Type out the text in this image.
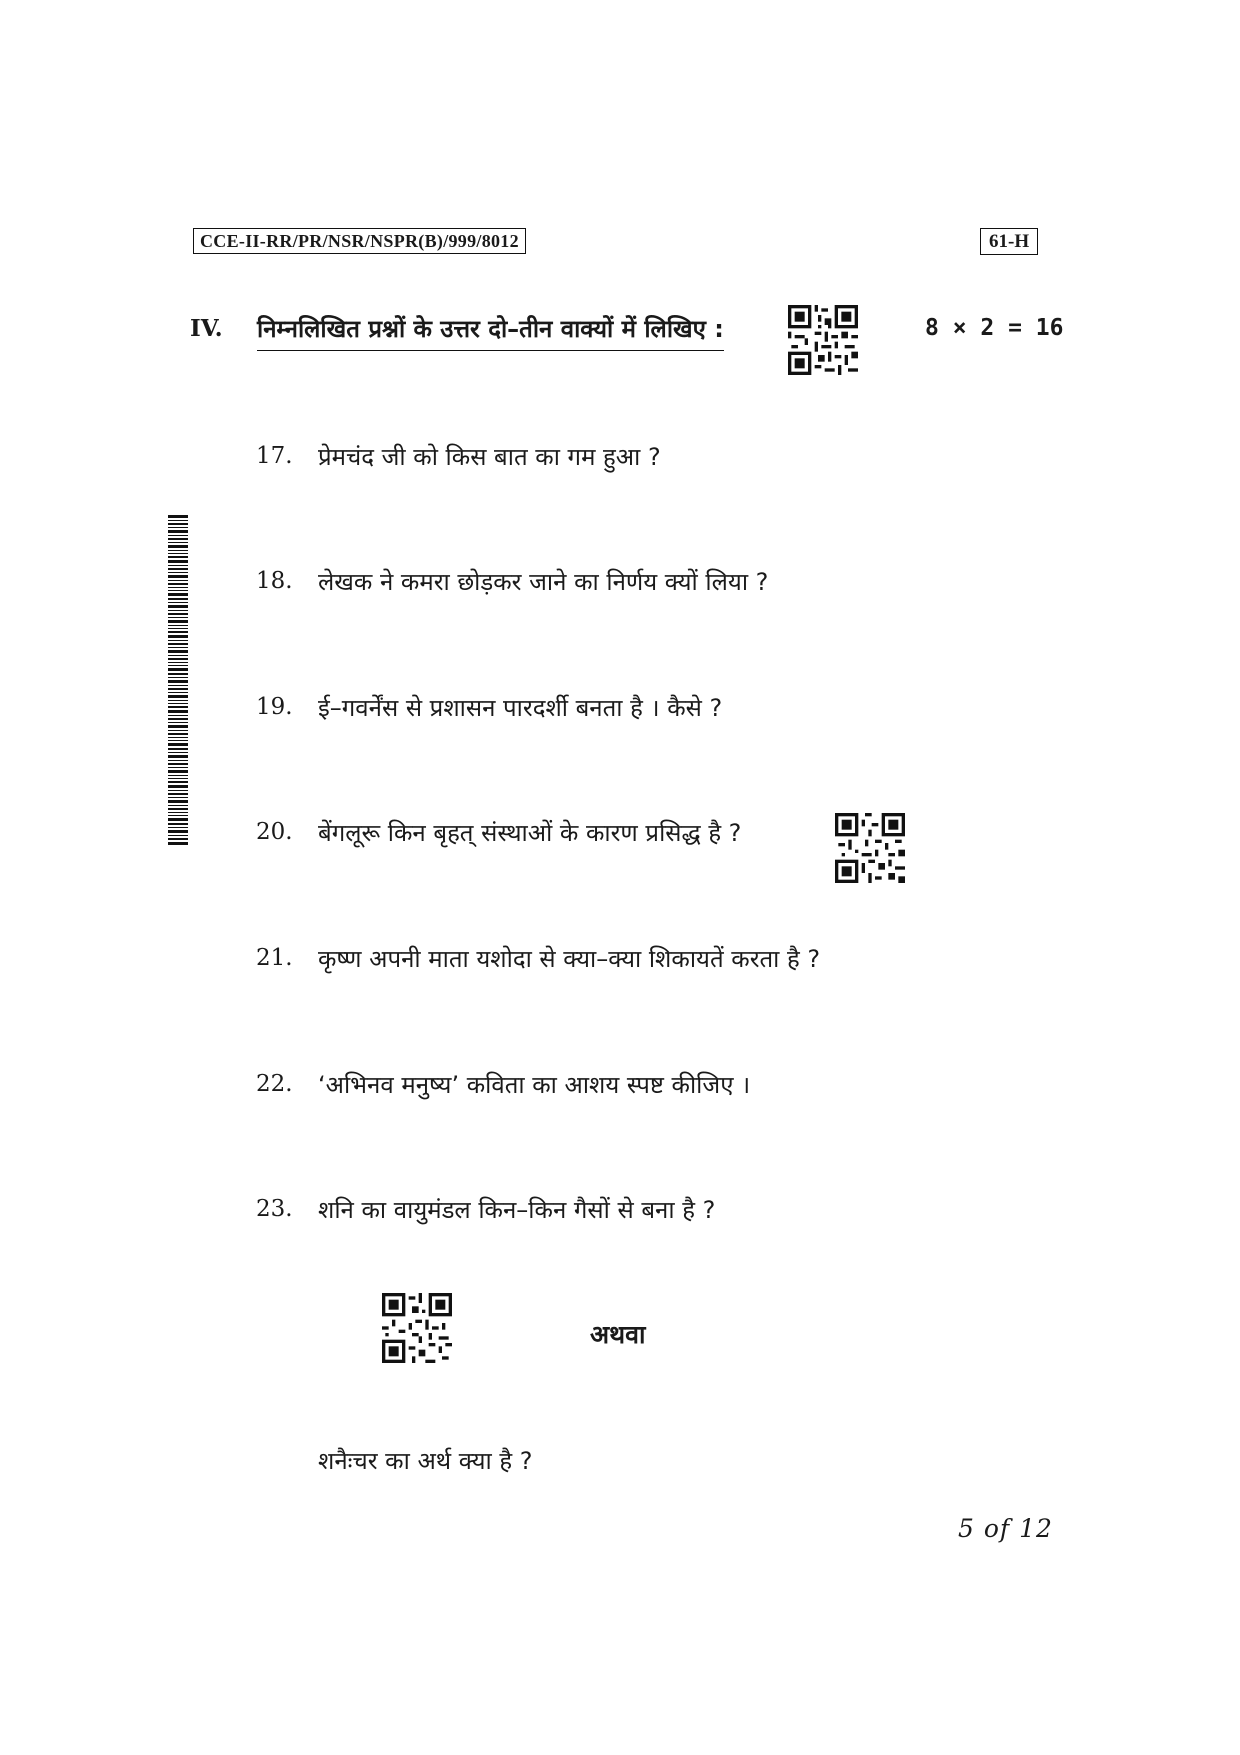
CCE-II-RR/PR/NSR/NSPR(B)/999/8012	61-H
IV. निम्नलिखित प्रश्नों के उत्तर दो–तीन वाक्यों में लिखिए :	8 × 2 = 16
17. प्रेमचंद जी को किस बात का गम हुआ ?
18. लेखक ने कमरा छोड़कर जाने का निर्णय क्यों लिया ?
19. ई–गवर्नेंस से प्रशासन पारदर्शी बनता है । कैसे ?
20. बेंगलूरू किन बृहत् संस्थाओं के कारण प्रसिद्ध है ?
21. कृष्ण अपनी माता यशोदा से क्या–क्या शिकायतें करता है ?
22. ‘अभिनव मनुष्य’ कविता का आशय स्पष्ट कीजिए ।
23. शनि का वायुमंडल किन–किन गैसों से बना है ?
अथवा
शनैःचर का अर्थ क्या है ?
5 of 12
